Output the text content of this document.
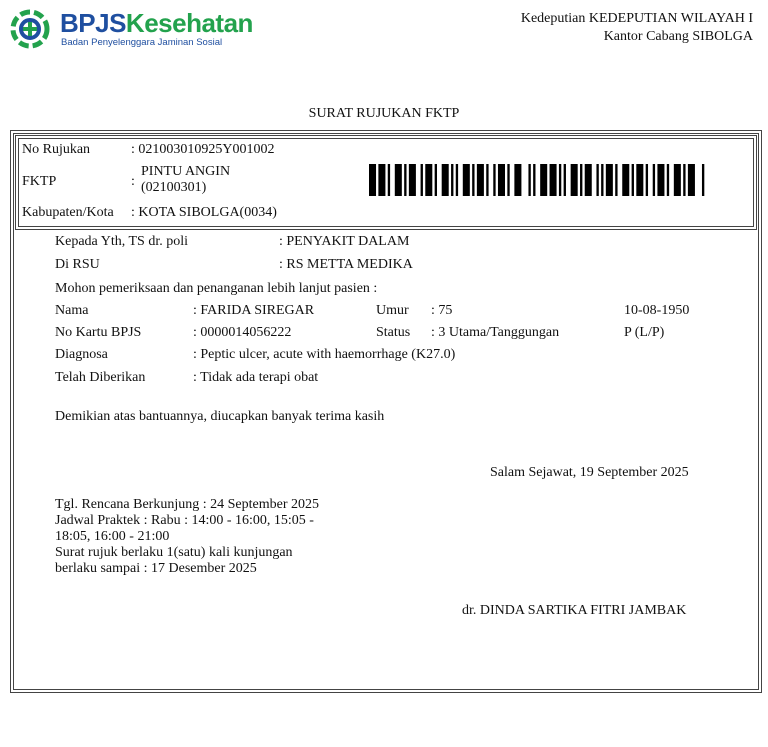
BPJSKesehatan
Badan Penyelenggara Jaminan Sosial
Kedeputian KEDEPUTIAN WILAYAH I
Kantor Cabang SIBOLGA
SURAT RUJUKAN FKTP
No Rujukan	: 021003010925Y001002
FKTP	:
PINTU ANGIN
(02100301)
Kabupaten/Kota : KOTA SIBOLGA(0034)
Kepada Yth, TS dr. poli	: PENYAKIT DALAM
Di RSU	: RS METTA MEDIKA
Mohon pemeriksaan dan penanganan lebih lanjut pasien :
Nama	: FARIDA SIREGAR	Umur : 75	10-08-1950
No Kartu BPJS	: 0000014056222	Status : 3 Utama/Tanggungan	P (L/P)
Diagnosa	: Peptic ulcer, acute with haemorrhage (K27.0)
Telah Diberikan	: Tidak ada terapi obat
Demikian atas bantuannya, diucapkan banyak terima kasih
Salam Sejawat, 19 September 2025
Tgl. Rencana Berkunjung : 24 September 2025
Jadwal Praktek : Rabu : 14:00 - 16:00, 15:05 -
18:05, 16:00 - 21:00
Surat rujuk berlaku 1(satu) kali kunjungan
berlaku sampai : 17 Desember 2025
dr. DINDA SARTIKA FITRI JAMBAK
